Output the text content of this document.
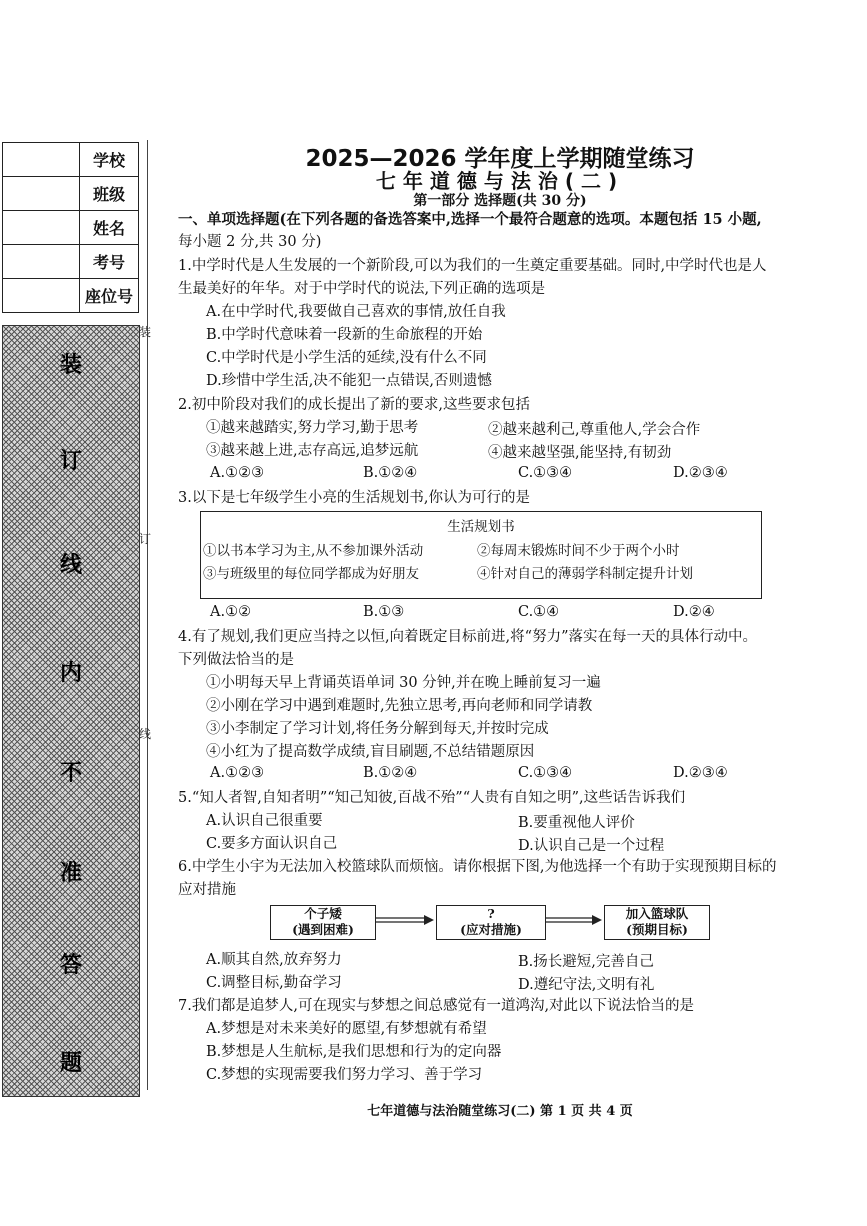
	学校
	班级
	姓名
	考号
	座位号
装
订
线
内
不
准
答
题
装
订
线
2025—2026 学年度上学期随堂练习
七年道德与法治(二)
第一部分 选择题(共 30 分)
一、单项选择题(在下列各题的备选答案中,选择一个最符合题意的选项。本题包括 15 小题,
每小题 2 分,共 30 分)
1.中学时代是人生发展的一个新阶段,可以为我们的一生奠定重要基础。同时,中学时代也是人
生最美好的年华。对于中学时代的说法,下列正确的选项是
A.在中学时代,我要做自己喜欢的事情,放任自我
B.中学时代意味着一段新的生命旅程的开始
C.中学时代是小学生活的延续,没有什么不同
D.珍惜中学生活,决不能犯一点错误,否则遗憾
2.初中阶段对我们的成长提出了新的要求,这些要求包括
①越来越踏实,努力学习,勤于思考	②越来越利己,尊重他人,学会合作
③越来越上进,志存高远,追梦远航	④越来越坚强,能坚持,有韧劲
A.①②③	B.①②④	C.①③④	D.②③④
3.以下是七年级学生小亮的生活规划书,你认为可行的是
生活规划书
①以书本学习为主,从不参加课外活动	②每周末锻炼时间不少于两个小时
③与班级里的每位同学都成为好朋友	④针对自己的薄弱学科制定提升计划
A.①②	B.①③	C.①④	D.②④
4.有了规划,我们更应当持之以恒,向着既定目标前进,将“努力”落实在每一天的具体行动中。
下列做法恰当的是
①小明每天早上背诵英语单词 30 分钟,并在晚上睡前复习一遍
②小刚在学习中遇到难题时,先独立思考,再向老师和同学请教
③小李制定了学习计划,将任务分解到每天,并按时完成
④小红为了提高数学成绩,盲目刷题,不总结错题原因
A.①②③	B.①②④	C.①③④	D.②③④
5.“知人者智,自知者明”“知己知彼,百战不殆”“人贵有自知之明”,这些话告诉我们
A.认识自己很重要	B.要重视他人评价
C.要多方面认识自己	D.认识自己是一个过程
6.中学生小宇为无法加入校篮球队而烦恼。请你根据下图,为他选择一个有助于实现预期目标的
应对措施
个子矮
(遇到困难)
?
(应对措施)
加入篮球队
(预期目标)
A.顺其自然,放弃努力	B.扬长避短,完善自己
C.调整目标,勤奋学习	D.遵纪守法,文明有礼
7.我们都是追梦人,可在现实与梦想之间总感觉有一道鸿沟,对此以下说法恰当的是
A.梦想是对未来美好的愿望,有梦想就有希望
B.梦想是人生航标,是我们思想和行为的定向器
C.梦想的实现需要我们努力学习、善于学习
七年道德与法治随堂练习(二) 第 1 页 共 4 页
